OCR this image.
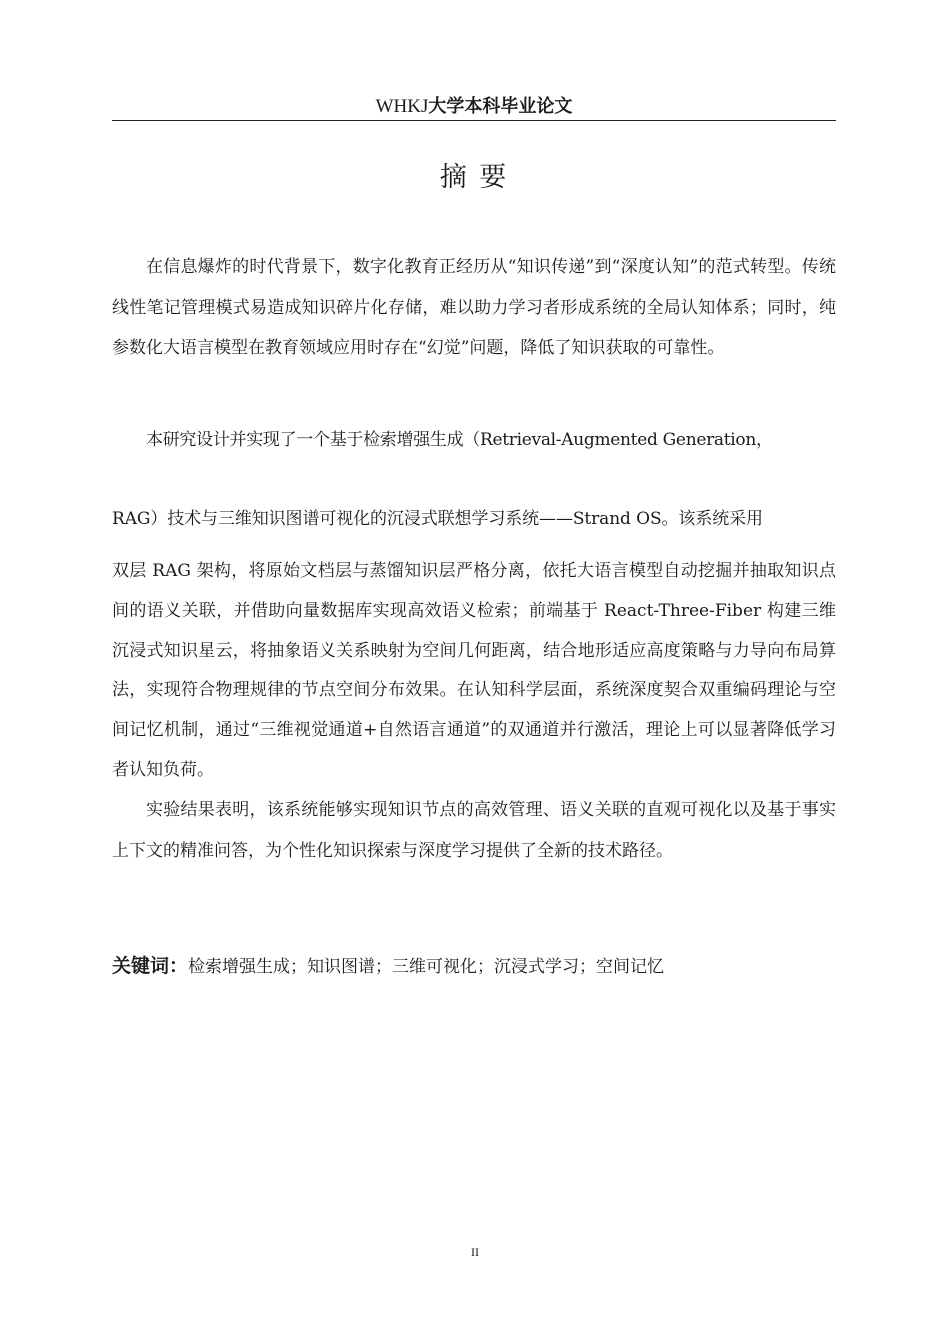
WHKJ大学本科毕业论文
摘 要

在信息爆炸的时代背景下，数字化教育正经历从“知识传递”到“深度认知”的范式转型。传统线性笔记管理模式易造成知识碎片化存储，难以助力学习者形成系统的全局认知体系；同时，纯参数化大语言模型在教育领域应用时存在“幻觉”问题，降低了知识获取的可靠性。

本研究设计并实现了一个基于检索增强生成（Retrieval-Augmented Generation，

RAG）技术与三维知识图谱可视化的沉浸式联想学习系统——Strand OS。该系统采用

双层 RAG 架构，将原始文档层与蒸馏知识层严格分离，依托大语言模型自动挖掘并抽取知识点间的语义关联，并借助向量数据库实现高效语义检索；前端基于 React-Three-Fiber 构建三维沉浸式知识星云，将抽象语义关系映射为空间几何距离，结合地形适应高度策略与力导向布局算法，实现符合物理规律的节点空间分布效果。在认知科学层面，系统深度契合双重编码理论与空间记忆机制，通过“三维视觉通道+自然语言通道”的双通道并行激活，理论上可以显著降低学习者认知负荷。

实验结果表明，该系统能够实现知识节点的高效管理、语义关联的直观可视化以及基于事实上下文的精准问答，为个性化知识探索与深度学习提供了全新的技术路径。

关键词：检索增强生成；知识图谱；三维可视化；沉浸式学习；空间记忆
II
